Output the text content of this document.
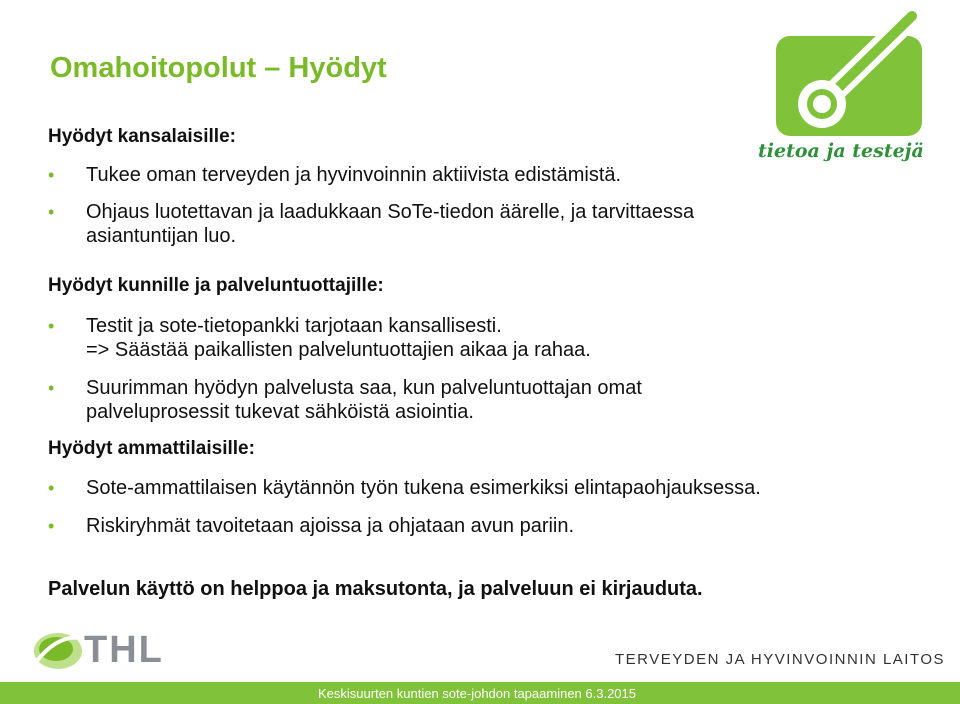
Omahoitopolut – Hyödyt
tietoa ja testejä

Hyödyt kansalaisille:

• Tukee oman terveyden ja hyvinvoinnin aktiivista edistämistä.
• Ohjaus luotettavan ja laadukkaan SoTe-tiedon äärelle, ja tarvittaessa
asiantuntijan luo.

Hyödyt kunnille ja palveluntuottajille:

• Testit ja sote-tietopankki tarjotaan kansallisesti.
=> Säästää paikallisten palveluntuottajien aikaa ja rahaa.
• Suurimman hyödyn palvelusta saa, kun palveluntuottajan omat
palveluprosessit tukevat sähköistä asiointia.

Hyödyt ammattilaisille:

• Sote-ammattilaisen käytännön työn tukena esimerkiksi elintapaohjauksessa.
• Riskiryhmät tavoitetaan ajoissa ja ohjataan avun pariin.

Palvelun käyttö on helppoa ja maksutonta, ja palveluun ei kirjauduta.

THL	TERVEYDEN JA HYVINVOINNIN LAITOS
Keskisuurten kuntien sote-johdon tapaaminen 6.3.2015
